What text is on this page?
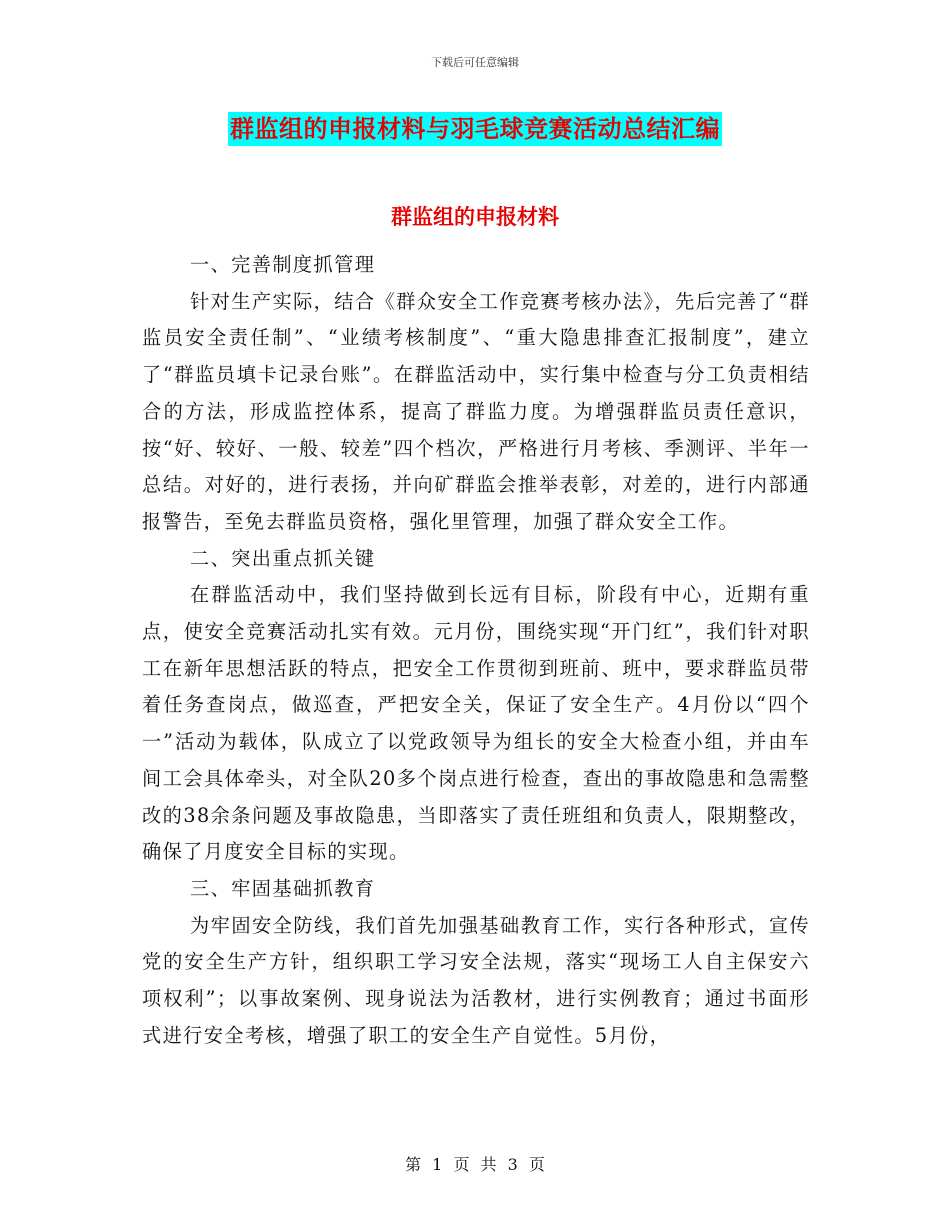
下载后可任意编辑
群监组的申报材料与羽毛球竞赛活动总结汇编
群监组的申报材料

一、完善制度抓管理

针对生产实际，结合《群众安全工作竞赛考核办法》，先后完善了“群监员安全责任制”、“业绩考核制度”、“重大隐患排查汇报制度”，建立了“群监员填卡记录台账”。在群监活动中，实行集中检查与分工负责相结合的方法，形成监控体系，提高了群监力度。为增强群监员责任意识，按“好、较好、一般、较差”四个档次，严格进行月考核、季测评、半年一总结。对好的，进行表扬，并向矿群监会推举表彰，对差的，进行内部通报警告，至免去群监员资格，强化里管理，加强了群众安全工作。

二、突出重点抓关键

在群监活动中，我们坚持做到长远有目标，阶段有中心，近期有重点，使安全竞赛活动扎实有效。元月份，围绕实现“开门红”，我们针对职工在新年思想活跃的特点，把安全工作贯彻到班前、班中，要求群监员带着任务查岗点，做巡查，严把安全关，保证了安全生产。4月份以“四个一”活动为载体，队成立了以党政领导为组长的安全大检查小组，并由车间工会具体牵头，对全队20多个岗点进行检查，查出的事故隐患和急需整改的38余条问题及事故隐患，当即落实了责任班组和负责人，限期整改，确保了月度安全目标的实现。

三、牢固基础抓教育

为牢固安全防线，我们首先加强基础教育工作，实行各种形式，宣传党的安全生产方针，组织职工学习安全法规，落实“现场工人自主保安六项权利”；以事故案例、现身说法为活教材，进行实例教育；通过书面形式进行安全考核，增强了职工的安全生产自觉性。5月份，

第 1 页 共 3 页
